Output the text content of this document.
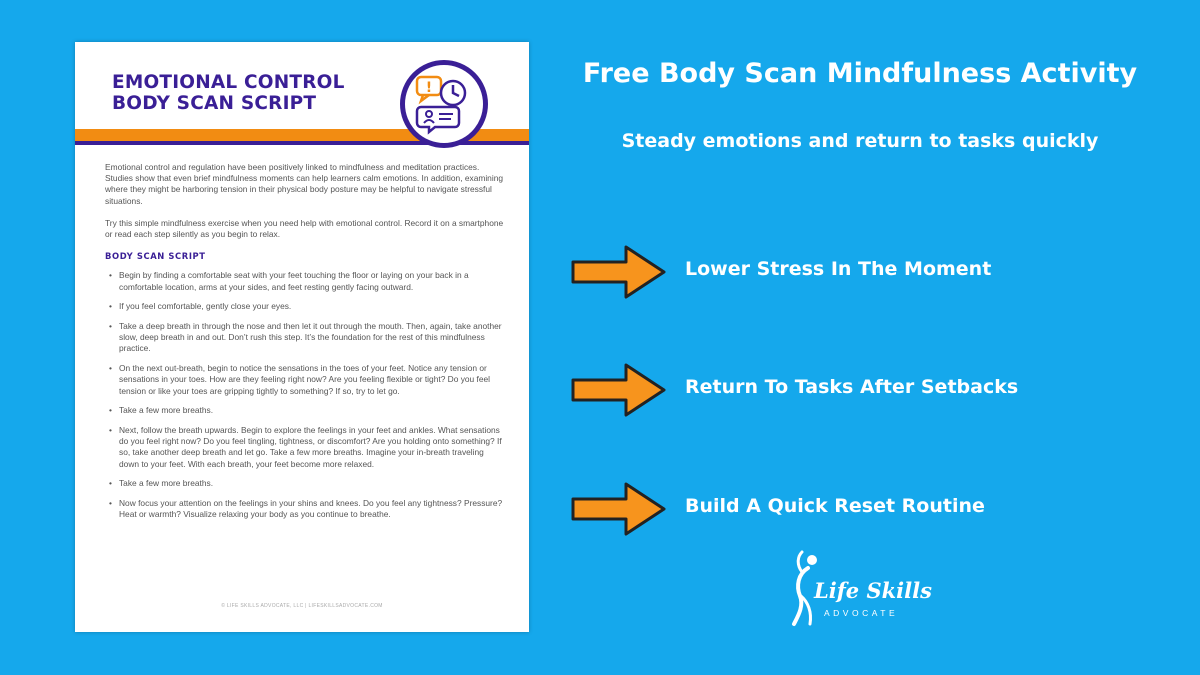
EMOTIONAL CONTROL
BODY SCAN SCRIPT
!

Emotional control and regulation have been positively linked to mindfulness and meditation practices. Studies show that even brief mindfulness moments can help learners calm emotions. In addition, examining where they might be harboring tension in their physical body posture may be helpful to navigate stressful situations.

Try this simple mindfulness exercise when you need help with emotional control. Record it on a smartphone or read each step silently as you begin to relax.

BODY SCAN SCRIPT
• Begin by finding a comfortable seat with your feet touching the floor or laying on your back in a comfortable location, arms at your sides, and feet resting gently facing outward.
• If you feel comfortable, gently close your eyes.
• Take a deep breath in through the nose and then let it out through the mouth. Then, again, take another slow, deep breath in and out. Don’t rush this step. It’s the foundation for the rest of this mindfulness practice.
• On the next out-breath, begin to notice the sensations in the toes of your feet. Notice any tension or sensations in your toes. How are they feeling right now? Are you feeling flexible or tight? Do you feel tension or like your toes are gripping tightly to something? If so, try to let go.
• Take a few more breaths.
• Next, follow the breath upwards. Begin to explore the feelings in your feet and ankles. What sensations do you feel right now? Do you feel tingling, tightness, or discomfort? Are you holding onto something? If so, take another deep breath and let go. Take a few more breaths. Imagine your in-breath traveling down to your feet. With each breath, your feet become more relaxed.
• Take a few more breaths.
• Now focus your attention on the feelings in your shins and knees. Do you feel any tightness? Pressure? Heat or warmth? Visualize relaxing your body as you continue to breathe.
© LIFE SKILLS ADVOCATE, LLC | LIFESKILLSADVOCATE.COM
Free Body Scan Mindfulness Activity
Steady emotions and return to tasks quickly
Lower Stress In The Moment
Return To Tasks After Setbacks
Build A Quick Reset Routine
Life Skills
ADVOCATE
